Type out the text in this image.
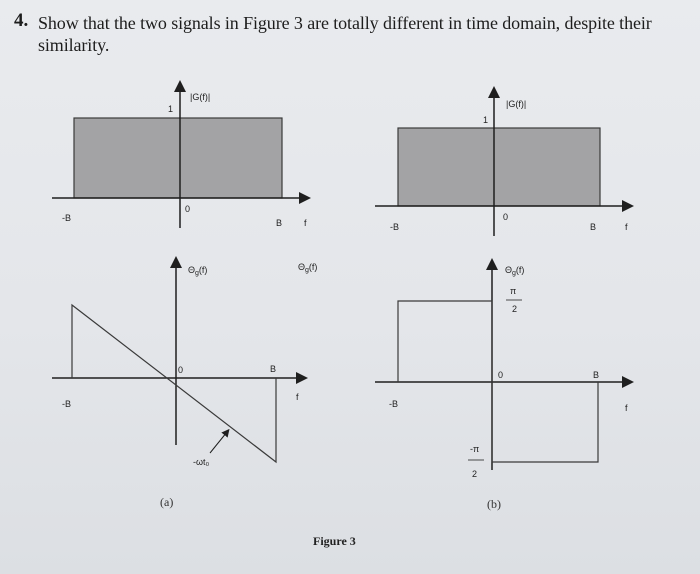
4. Show that the two signals in Figure 3 are totally different in time domain, despite their similarity.
|G(f)|
1
0
-B	B f
$\Theta_g(f)$
0	B
-B
f
-ωt₀
(a)
|G(f)|
1
0
-B	B	f
$\Theta_g(f)$	$\Theta_g(f)$
π
2
-π
2
0	B
-B	f
(b)
Figure 3
